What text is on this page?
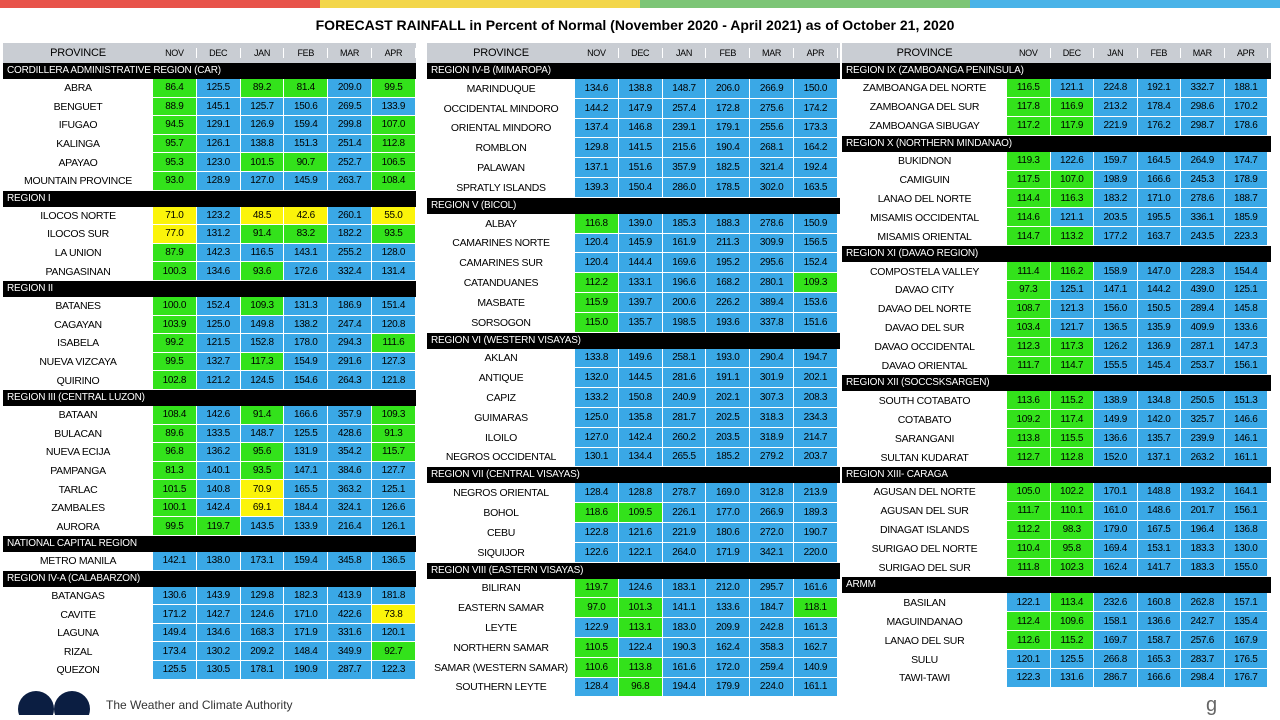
FORECAST RAINFALL in Percent of Normal (November 2020 - April 2021) as of October 21, 2020
The Weather and Climate Authority	g
PROVINCE	NOV	DEC	JAN	FEB	MAR	APR
CORDILLERA ADMINISTRATIVE REGION (CAR)
ABRA	86.4	125.5	89.2	81.4	209.0	99.5
BENGUET	88.9	145.1	125.7	150.6	269.5	133.9
IFUGAO	94.5	129.1	126.9	159.4	299.8	107.0
KALINGA	95.7	126.1	138.8	151.3	251.4	112.8
APAYAO	95.3	123.0	101.5	90.7	252.7	106.5
MOUNTAIN PROVINCE	93.0	128.9	127.0	145.9	263.7	108.4
REGION I
ILOCOS NORTE	71.0	123.2	48.5	42.6	260.1	55.0
ILOCOS SUR	77.0	131.2	91.4	83.2	182.2	93.5
LA UNION	87.9	142.3	116.5	143.1	255.2	128.0
PANGASINAN	100.3	134.6	93.6	172.6	332.4	131.4
REGION II
BATANES	100.0	152.4	109.3	131.3	186.9	151.4
CAGAYAN	103.9	125.0	149.8	138.2	247.4	120.8
ISABELA	99.2	121.5	152.8	178.0	294.3	111.6
NUEVA VIZCAYA	99.5	132.7	117.3	154.9	291.6	127.3
QUIRINO	102.8	121.2	124.5	154.6	264.3	121.8
REGION III (CENTRAL LUZON)
BATAAN	108.4	142.6	91.4	166.6	357.9	109.3
BULACAN	89.6	133.5	148.7	125.5	428.6	91.3
NUEVA ECIJA	96.8	136.2	95.6	131.9	354.2	115.7
PAMPANGA	81.3	140.1	93.5	147.1	384.6	127.7
TARLAC	101.5	140.8	70.9	165.5	363.2	125.1
ZAMBALES	100.1	142.4	69.1	184.4	324.1	126.6
AURORA	99.5	119.7	143.5	133.9	216.4	126.1
NATIONAL CAPITAL REGION
METRO MANILA	142.1	138.0	173.1	159.4	345.8	136.5
REGION IV-A (CALABARZON)
BATANGAS	130.6	143.9	129.8	182.3	413.9	181.8
CAVITE	171.2	142.7	124.6	171.0	422.6	73.8
LAGUNA	149.4	134.6	168.3	171.9	331.6	120.1
RIZAL	173.4	130.2	209.2	148.4	349.9	92.7
QUEZON	125.5	130.5	178.1	190.9	287.7	122.3
PROVINCE	NOV	DEC	JAN	FEB	MAR	APR
REGION IV-B (MIMAROPA)
MARINDUQUE	134.6	138.8	148.7	206.0	266.9	150.0
OCCIDENTAL MINDORO	144.2	147.9	257.4	172.8	275.6	174.2
ORIENTAL MINDORO	137.4	146.8	239.1	179.1	255.6	173.3
ROMBLON	129.8	141.5	215.6	190.4	268.1	164.2
PALAWAN	137.1	151.6	357.9	182.5	321.4	192.4
SPRATLY ISLANDS	139.3	150.4	286.0	178.5	302.0	163.5
REGION V (BICOL)
ALBAY	116.8	139.0	185.3	188.3	278.6	150.9
CAMARINES NORTE	120.4	145.9	161.9	211.3	309.9	156.5
CAMARINES SUR	120.4	144.4	169.6	195.2	295.6	152.4
CATANDUANES	112.2	133.1	196.6	168.2	280.1	109.3
MASBATE	115.9	139.7	200.6	226.2	389.4	153.6
SORSOGON	115.0	135.7	198.5	193.6	337.8	151.6
REGION VI (WESTERN VISAYAS)
AKLAN	133.8	149.6	258.1	193.0	290.4	194.7
ANTIQUE	132.0	144.5	281.6	191.1	301.9	202.1
CAPIZ	133.2	150.8	240.9	202.1	307.3	208.3
GUIMARAS	125.0	135.8	281.7	202.5	318.3	234.3
ILOILO	127.0	142.4	260.2	203.5	318.9	214.7
NEGROS OCCIDENTAL	130.1	134.4	265.5	185.2	279.2	203.7
REGION VII (CENTRAL VISAYAS)
NEGROS ORIENTAL	128.4	128.8	278.7	169.0	312.8	213.9
BOHOL	118.6	109.5	226.1	177.0	266.9	189.3
CEBU	122.8	121.6	221.9	180.6	272.0	190.7
SIQUIJOR	122.6	122.1	264.0	171.9	342.1	220.0
REGION VIII (EASTERN VISAYAS)
BILIRAN	119.7	124.6	183.1	212.0	295.7	161.6
EASTERN SAMAR	97.0	101.3	141.1	133.6	184.7	118.1
LEYTE	122.9	113.1	183.0	209.9	242.8	161.3
NORTHERN SAMAR	110.5	122.4	190.3	162.4	358.3	162.7
SAMAR (WESTERN SAMAR)	110.6	113.8	161.6	172.0	259.4	140.9
SOUTHERN LEYTE	128.4	96.8	194.4	179.9	224.0	161.1
PROVINCE	NOV	DEC	JAN	FEB	MAR	APR
REGION IX (ZAMBOANGA PENINSULA)
ZAMBOANGA DEL NORTE	116.5	121.1	224.8	192.1	332.7	188.1
ZAMBOANGA DEL SUR	117.8	116.9	213.2	178.4	298.6	170.2
ZAMBOANGA SIBUGAY	117.2	117.9	221.9	176.2	298.7	178.6
REGION X (NORTHERN MINDANAO)
BUKIDNON	119.3	122.6	159.7	164.5	264.9	174.7
CAMIGUIN	117.5	107.0	198.9	166.6	245.3	178.9
LANAO DEL NORTE	114.4	116.3	183.2	171.0	278.6	188.7
MISAMIS OCCIDENTAL	114.6	121.1	203.5	195.5	336.1	185.9
MISAMIS ORIENTAL	114.7	113.2	177.2	163.7	243.5	223.3
REGION XI (DAVAO REGION)
COMPOSTELA VALLEY	111.4	116.2	158.9	147.0	228.3	154.4
DAVAO CITY	97.3	125.1	147.1	144.2	439.0	125.1
DAVAO DEL NORTE	108.7	121.3	156.0	150.5	289.4	145.8
DAVAO DEL SUR	103.4	121.7	136.5	135.9	409.9	133.6
DAVAO OCCIDENTAL	112.3	117.3	126.2	136.9	287.1	147.3
DAVAO ORIENTAL	111.7	114.7	155.5	145.4	253.7	156.1
REGION XII (SOCCSKSARGEN)
SOUTH COTABATO	113.6	115.2	138.9	134.8	250.5	151.3
COTABATO	109.2	117.4	149.9	142.0	325.7	146.6
SARANGANI	113.8	115.5	136.6	135.7	239.9	146.1
SULTAN KUDARAT	112.7	112.8	152.0	137.1	263.2	161.1
REGION XIII- CARAGA
AGUSAN DEL NORTE	105.0	102.2	170.1	148.8	193.2	164.1
AGUSAN DEL SUR	111.7	110.1	161.0	148.6	201.7	156.1
DINAGAT ISLANDS	112.2	98.3	179.0	167.5	196.4	136.8
SURIGAO DEL NORTE	110.4	95.8	169.4	153.1	183.3	130.0
SURIGAO DEL SUR	111.8	102.3	162.4	141.7	183.3	155.0
ARMM
BASILAN	122.1	113.4	232.6	160.8	262.8	157.1
MAGUINDANAO	112.4	109.6	158.1	136.6	242.7	135.4
LANAO DEL SUR	112.6	115.2	169.7	158.7	257.6	167.9
SULU	120.1	125.5	266.8	165.3	283.7	176.5
TAWI-TAWI	122.3	131.6	286.7	166.6	298.4	176.7
